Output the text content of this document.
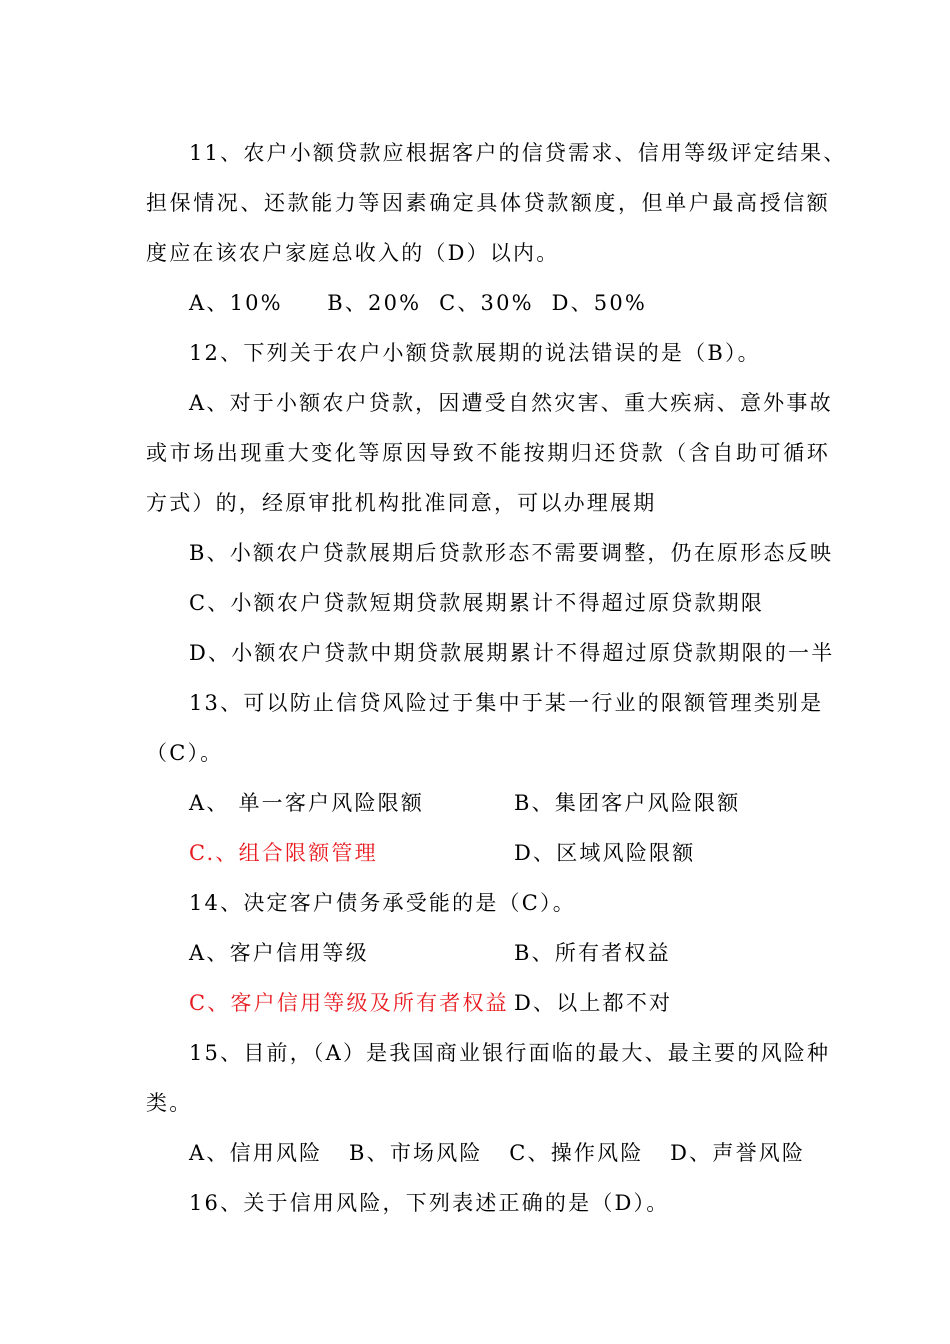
11、农户小额贷款应根据客户的信贷需求、信用等级评定结果、
担保情况、还款能力等因素确定具体贷款额度，但单户最高授信额
度应在该农户家庭总收入的（D）以内。
A、10%     B、20%  C、30%  D、50%
12、下列关于农户小额贷款展期的说法错误的是（B）。
A、对于小额农户贷款，因遭受自然灾害、重大疾病、意外事故
或市场出现重大变化等原因导致不能按期归还贷款（含自助可循环
方式）的，经原审批机构批准同意，可以办理展期
B、小额农户贷款展期后贷款形态不需要调整，仍在原形态反映
C、小额农户贷款短期贷款展期累计不得超过原贷款期限
D、小额农户贷款中期贷款展期累计不得超过原贷款期限的一半
13、可以防止信贷风险过于集中于某一行业的限额管理类别是
（C）。
A、 单一客户风险限额	B、集团客户风险限额
C.、组合限额管理	D、区域风险限额
14、决定客户债务承受能的是（C）。
A、客户信用等级	B、所有者权益
C、客户信用等级及所有者权益 D、以上都不对
15、目前，（A）是我国商业银行面临的最大、最主要的风险种
类。
A、信用风险   B、市场风险   C、操作风险   D、声誉风险
16、关于信用风险，下列表述正确的是（D）。
